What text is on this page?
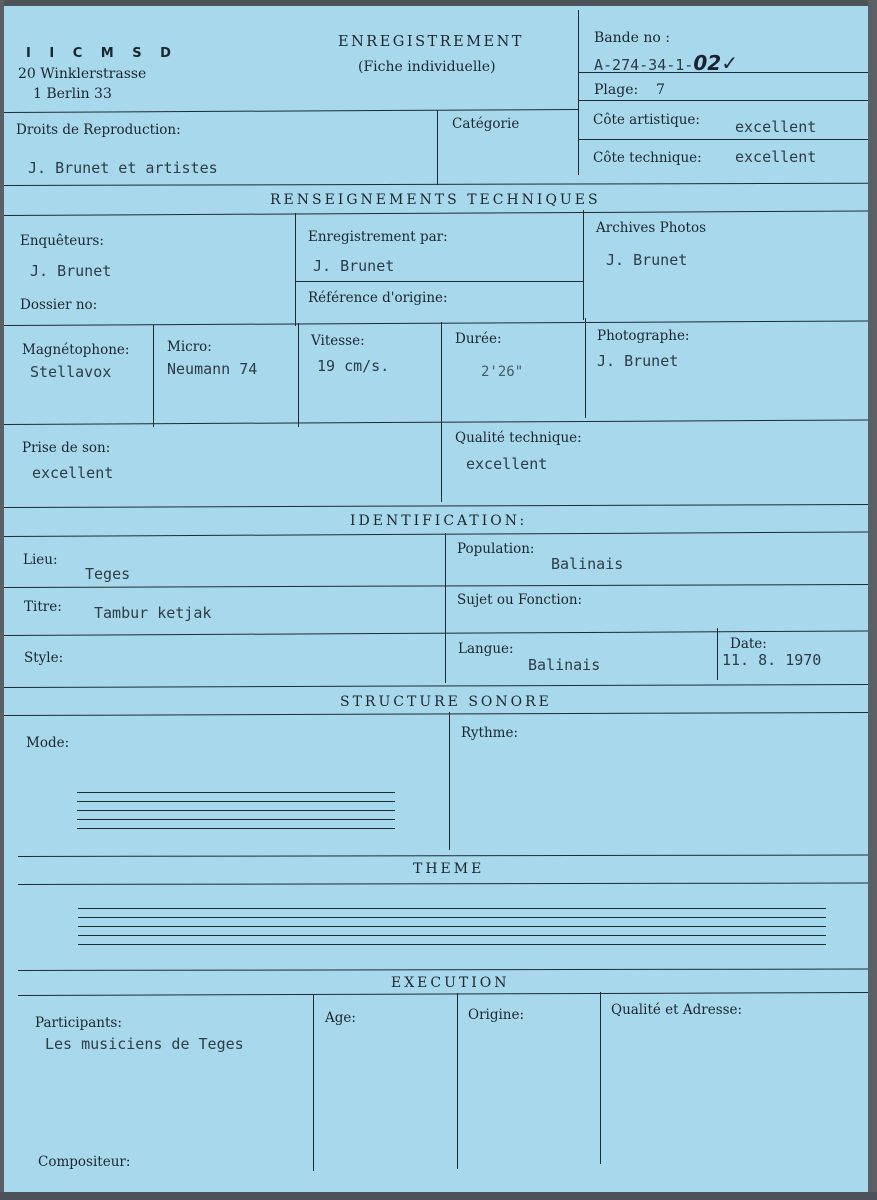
I I C M S D
20 Winklerstrasse
1 Berlin 33
ENREGISTREMENT
(Fiche individuelle)
Bande no :
A-274-34-1-02✓
Plage: 7
Droits de Reproduction:
J. Brunet et artistes
Catégorie	Côte artistique: excellent
Côte technique: excellent
RENSEIGNEMENTS TECHNIQUES
Enquêteurs:
J. Brunet
Dossier no:
Enregistrement par:
J. Brunet
Référence d'origine:
Archives Photos
J. Brunet
Magnétophone:
Stellavox
Micro:
Neumann 74
Vitesse:
19 cm/s.
Durée:
2'26"
Photographe:
J. Brunet
Prise de son:
excellent
Qualité technique:
excellent
IDENTIFICATION:
Lieu:
Teges
Population:
Balinais
Titre: Tambur ketjak
Sujet ou Fonction:
Style:
Langue:
Balinais
Date:
11. 8. 1970
STRUCTURE SONORE
Mode:
Rythme:
THEME
EXECUTION
Participants:
Les musiciens de Teges
Age:	Origine:	Qualité et Adresse:
Compositeur:
